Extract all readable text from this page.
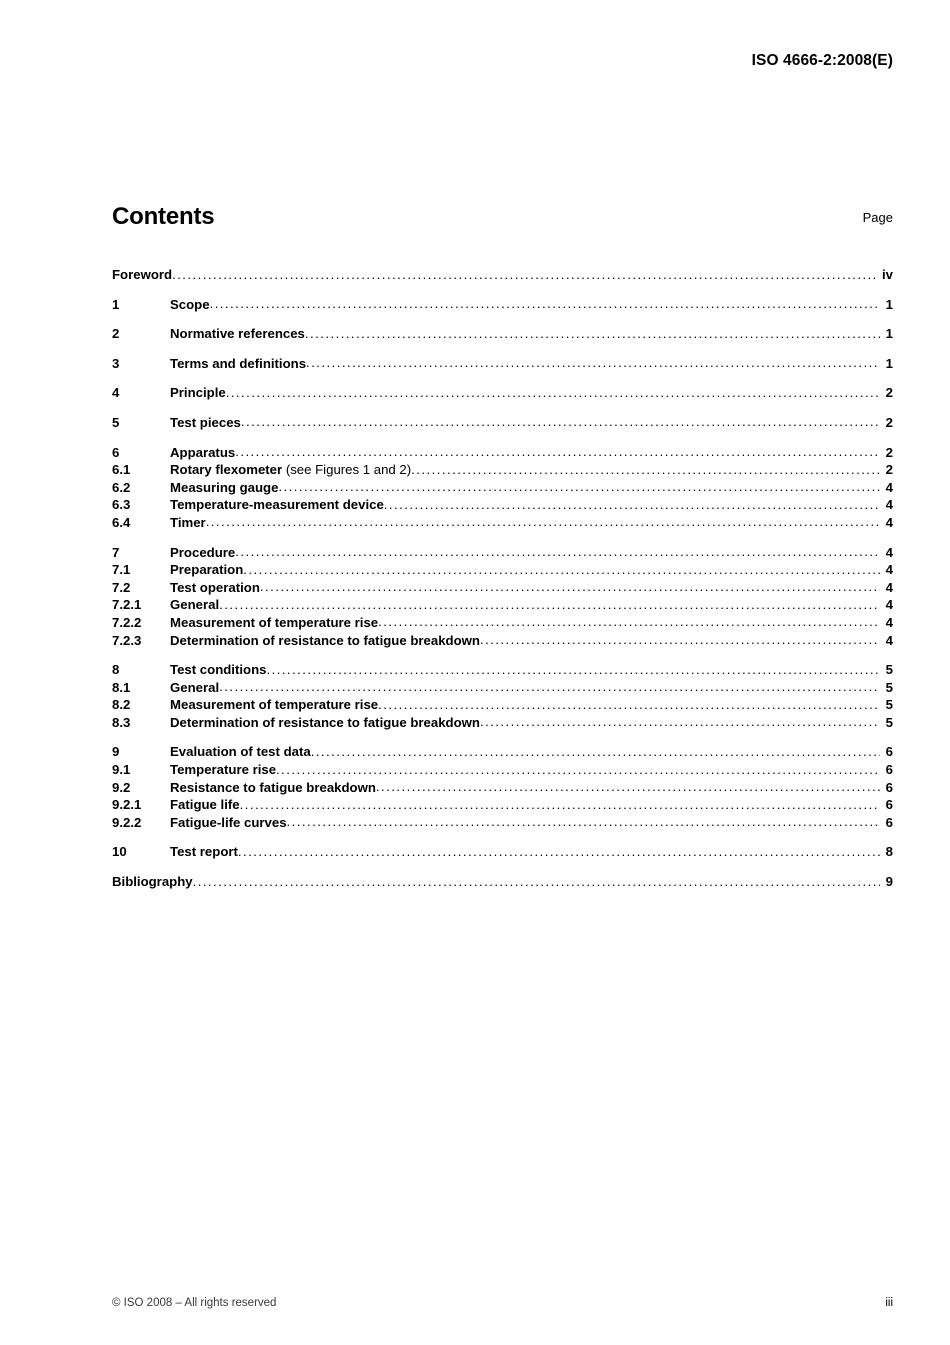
ISO 4666-2:2008(E)
Contents	Page
Foreword .....	iv
1	Scope .....	1
2	Normative references .....	1
3	Terms and definitions .....	1
4	Principle .....	2
5	Test pieces .....	2
6	Apparatus .....	2
6.1	Rotary flexometer (see Figures 1 and 2) .....	2
6.2	Measuring gauge .....	4
6.3	Temperature-measurement device .....	4
6.4	Timer .....	4
7	Procedure .....	4
7.1	Preparation .....	4
7.2	Test operation .....	4
7.2.1	General .....	4
7.2.2	Measurement of temperature rise .....	4
7.2.3	Determination of resistance to fatigue breakdown .....	4
8	Test conditions .....	5
8.1	General .....	5
8.2	Measurement of temperature rise .....	5
8.3	Determination of resistance to fatigue breakdown .....	5
9	Evaluation of test data .....	6
9.1	Temperature rise .....	6
9.2	Resistance to fatigue breakdown .....	6
9.2.1	Fatigue life .....	6
9.2.2	Fatigue-life curves .....	6
10	Test report .....	8
Bibliography .....	9
© ISO 2008 – All rights reserved	iii
